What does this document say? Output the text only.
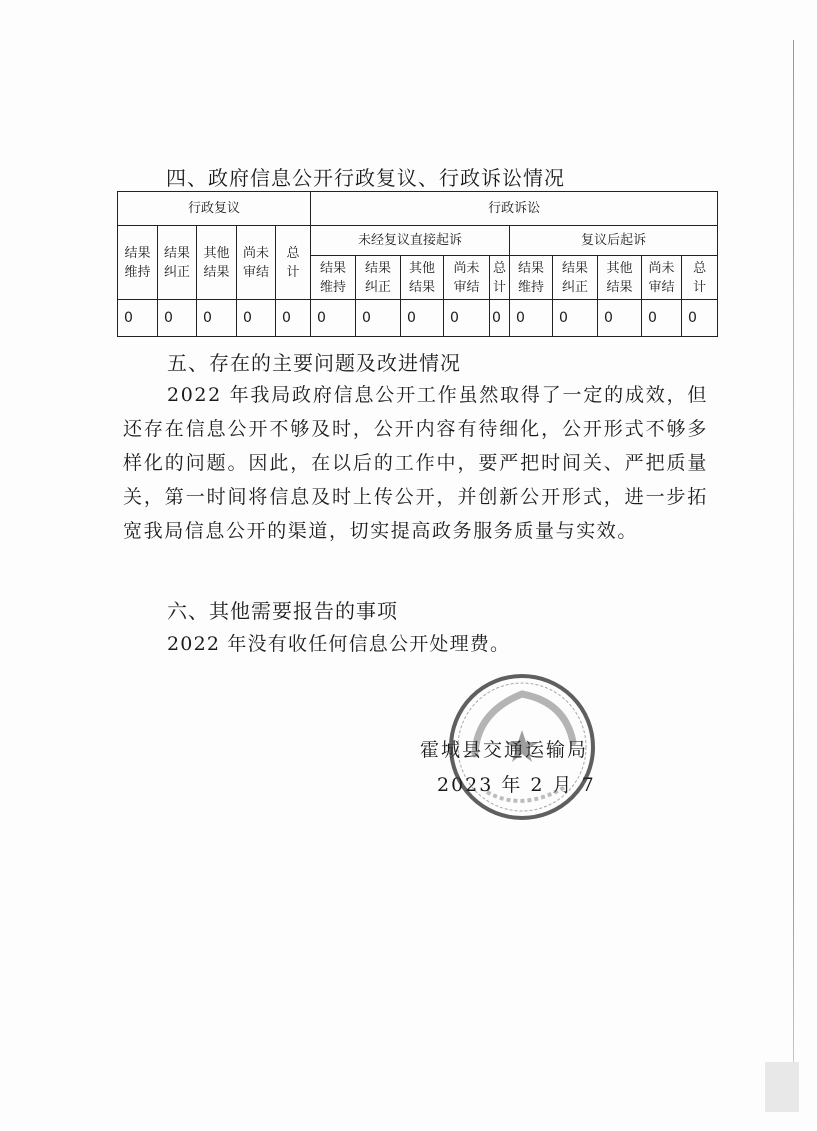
四、政府信息公开行政复议、行政诉讼情况
行政复议					行政诉讼									
结果维持	结果纠正	其他结果	尚未审结	总计	未经复议直接起诉					复议后起诉				
					结果维持	结果纠正	其他结果	尚未审结	总计	结果维持	结果纠正	其他结果	尚未审结	总计
0	0	0	0	0	0	0	0	0	0	0	0	0	0	0
五、存在的主要问题及改进情况

2022 年我局政府信息公开工作虽然取得了一定的成效，但还存在信息公开不够及时，公开内容有待细化，公开形式不够多样化的问题。因此，在以后的工作中，要严把时间关、严把质量关，第一时间将信息及时上传公开，并创新公开形式，进一步拓宽我局信息公开的渠道，切实提高政务服务质量与实效。

六、其他需要报告的事项

2022 年没有收任何信息公开处理费。

霍城县交通运输局
2023 年 2 月 7
